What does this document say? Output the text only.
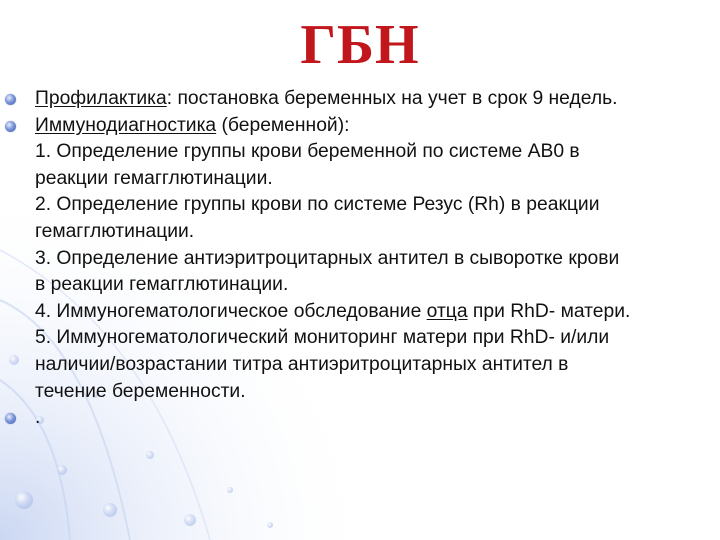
ГБН
Профилактика: постановка беременных на учет в срок 9 недель.
Иммунодиагностика (беременной):
1. Определение группы крови беременной по системе АВ0 в
реакции гемагглютинации.
2. Определение группы крови по системе Резус (Rh) в реакции
гемагглютинации.
3. Определение антиэритроцитарных антител в сыворотке крови
в реакции гемагглютинации.
4. Иммуногематологическое обследование отца при RhD- матери.
5. Иммуногематологический мониторинг матери при RhD- и/или
наличии/возрастании титра антиэритроцитарных антител в
течение беременности.
.
